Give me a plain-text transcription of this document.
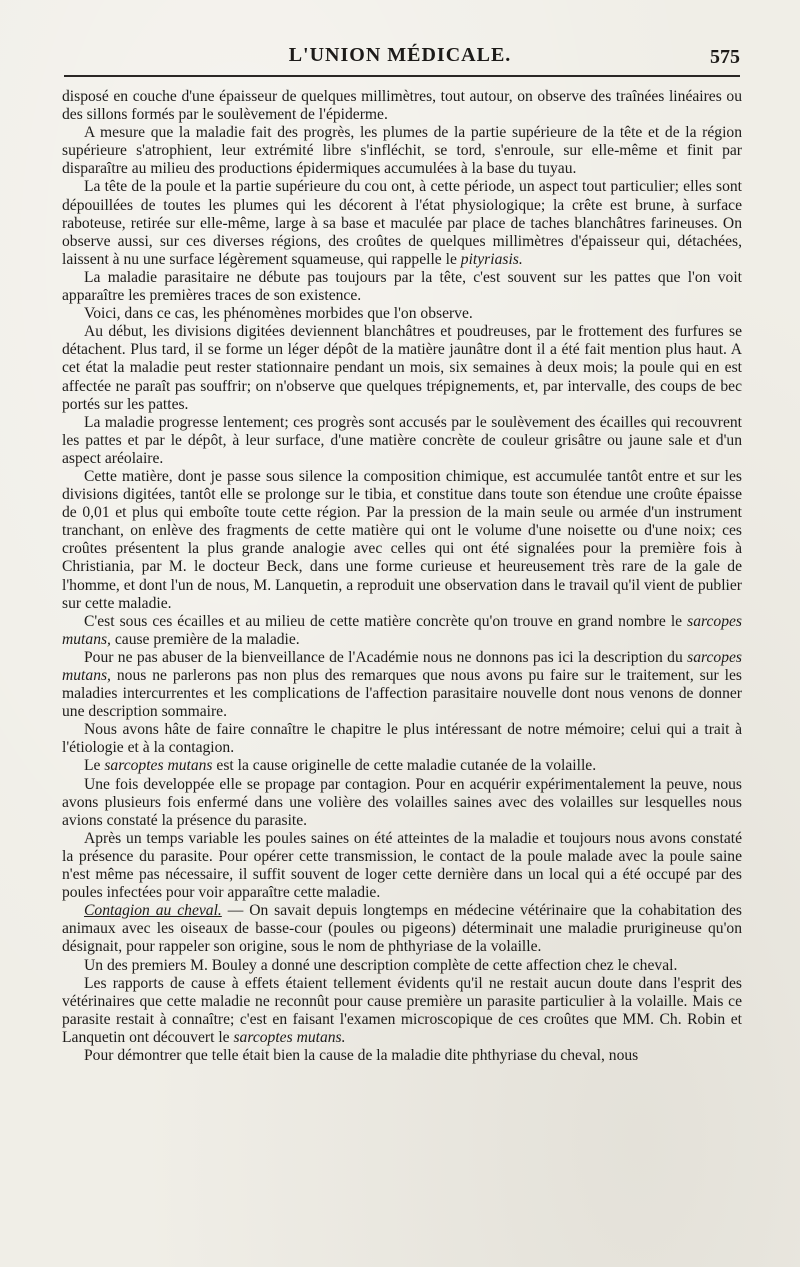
L'UNION MÉDICALE.	575

disposé en couche d'une épaisseur de quelques millimètres, tout autour, on observe des traînées linéaires ou des sillons formés par le soulèvement de l'épiderme.

A mesure que la maladie fait des progrès, les plumes de la partie supérieure de la tête et de la région supérieure s'atrophient, leur extrémité libre s'infléchit, se tord, s'enroule, sur elle-même et finit par disparaître au milieu des productions épidermiques accumulées à la base du tuyau.

La tête de la poule et la partie supérieure du cou ont, à cette période, un aspect tout particulier; elles sont dépouillées de toutes les plumes qui les décorent à l'état physiologique; la crête est brune, à surface raboteuse, retirée sur elle-même, large à sa base et maculée par place de taches blanchâtres farineuses. On observe aussi, sur ces diverses régions, des croûtes de quelques millimètres d'épaisseur qui, détachées, laissent à nu une surface légèrement squameuse, qui rappelle le pityriasis.

La maladie parasitaire ne débute pas toujours par la tête, c'est souvent sur les pattes que l'on voit apparaître les premières traces de son existence.

Voici, dans ce cas, les phénomènes morbides que l'on observe.

Au début, les divisions digitées deviennent blanchâtres et poudreuses, par le frottement des furfures se détachent. Plus tard, il se forme un léger dépôt de la matière jaunâtre dont il a été fait mention plus haut. A cet état la maladie peut rester stationnaire pendant un mois, six semaines à deux mois; la poule qui en est affectée ne paraît pas souffrir; on n'observe que quelques trépignements, et, par intervalle, des coups de bec portés sur les pattes.

La maladie progresse lentement; ces progrès sont accusés par le soulèvement des écailles qui recouvrent les pattes et par le dépôt, à leur surface, d'une matière concrète de couleur grisâtre ou jaune sale et d'un aspect aréolaire.

Cette matière, dont je passe sous silence la composition chimique, est accumulée tantôt entre et sur les divisions digitées, tantôt elle se prolonge sur le tibia, et constitue dans toute son étendue une croûte épaisse de 0,01 et plus qui emboîte toute cette région. Par la pression de la main seule ou armée d'un instrument tranchant, on enlève des fragments de cette matière qui ont le volume d'une noisette ou d'une noix; ces croûtes présentent la plus grande analogie avec celles qui ont été signalées pour la première fois à Christiania, par M. le docteur Beck, dans une forme curieuse et heureusement très rare de la gale de l'homme, et dont l'un de nous, M. Lanquetin, a reproduit une observation dans le travail qu'il vient de publier sur cette maladie.

C'est sous ces écailles et au milieu de cette matière concrète qu'on trouve en grand nombre le sarcopes mutans, cause première de la maladie.

Pour ne pas abuser de la bienveillance de l'Académie nous ne donnons pas ici la description du sarcopes mutans, nous ne parlerons pas non plus des remarques que nous avons pu faire sur le traitement, sur les maladies intercurrentes et les complications de l'affection parasitaire nouvelle dont nous venons de donner une description sommaire.

Nous avons hâte de faire connaître le chapitre le plus intéressant de notre mémoire; celui qui a trait à l'étiologie et à la contagion.

Le sarcoptes mutans est la cause originelle de cette maladie cutanée de la volaille.

Une fois developpée elle se propage par contagion. Pour en acquérir expérimentalement la peuve, nous avons plusieurs fois enfermé dans une volière des volailles saines avec des volailles sur lesquelles nous avions constaté la présence du parasite.

Après un temps variable les poules saines on été atteintes de la maladie et toujours nous avons constaté la présence du parasite. Pour opérer cette transmission, le contact de la poule malade avec la poule saine n'est même pas nécessaire, il suffit souvent de loger cette dernière dans un local qui a été occupé par des poules infectées pour voir apparaître cette maladie.

Contagion au cheval. — On savait depuis longtemps en médecine vétérinaire que la cohabitation des animaux avec les oiseaux de basse-cour (poules ou pigeons) déterminait une maladie prurigineuse qu'on désignait, pour rappeler son origine, sous le nom de phthyriase de la volaille.

Un des premiers M. Bouley a donné une description complète de cette affection chez le cheval.

Les rapports de cause à effets étaient tellement évidents qu'il ne restait aucun doute dans l'esprit des vétérinaires que cette maladie ne reconnût pour cause première un parasite particulier à la volaille. Mais ce parasite restait à connaître; c'est en faisant l'examen microscopique de ces croûtes que MM. Ch. Robin et Lanquetin ont découvert le sarcoptes mutans.

Pour démontrer que telle était bien la cause de la maladie dite phthyriase du cheval, nous
